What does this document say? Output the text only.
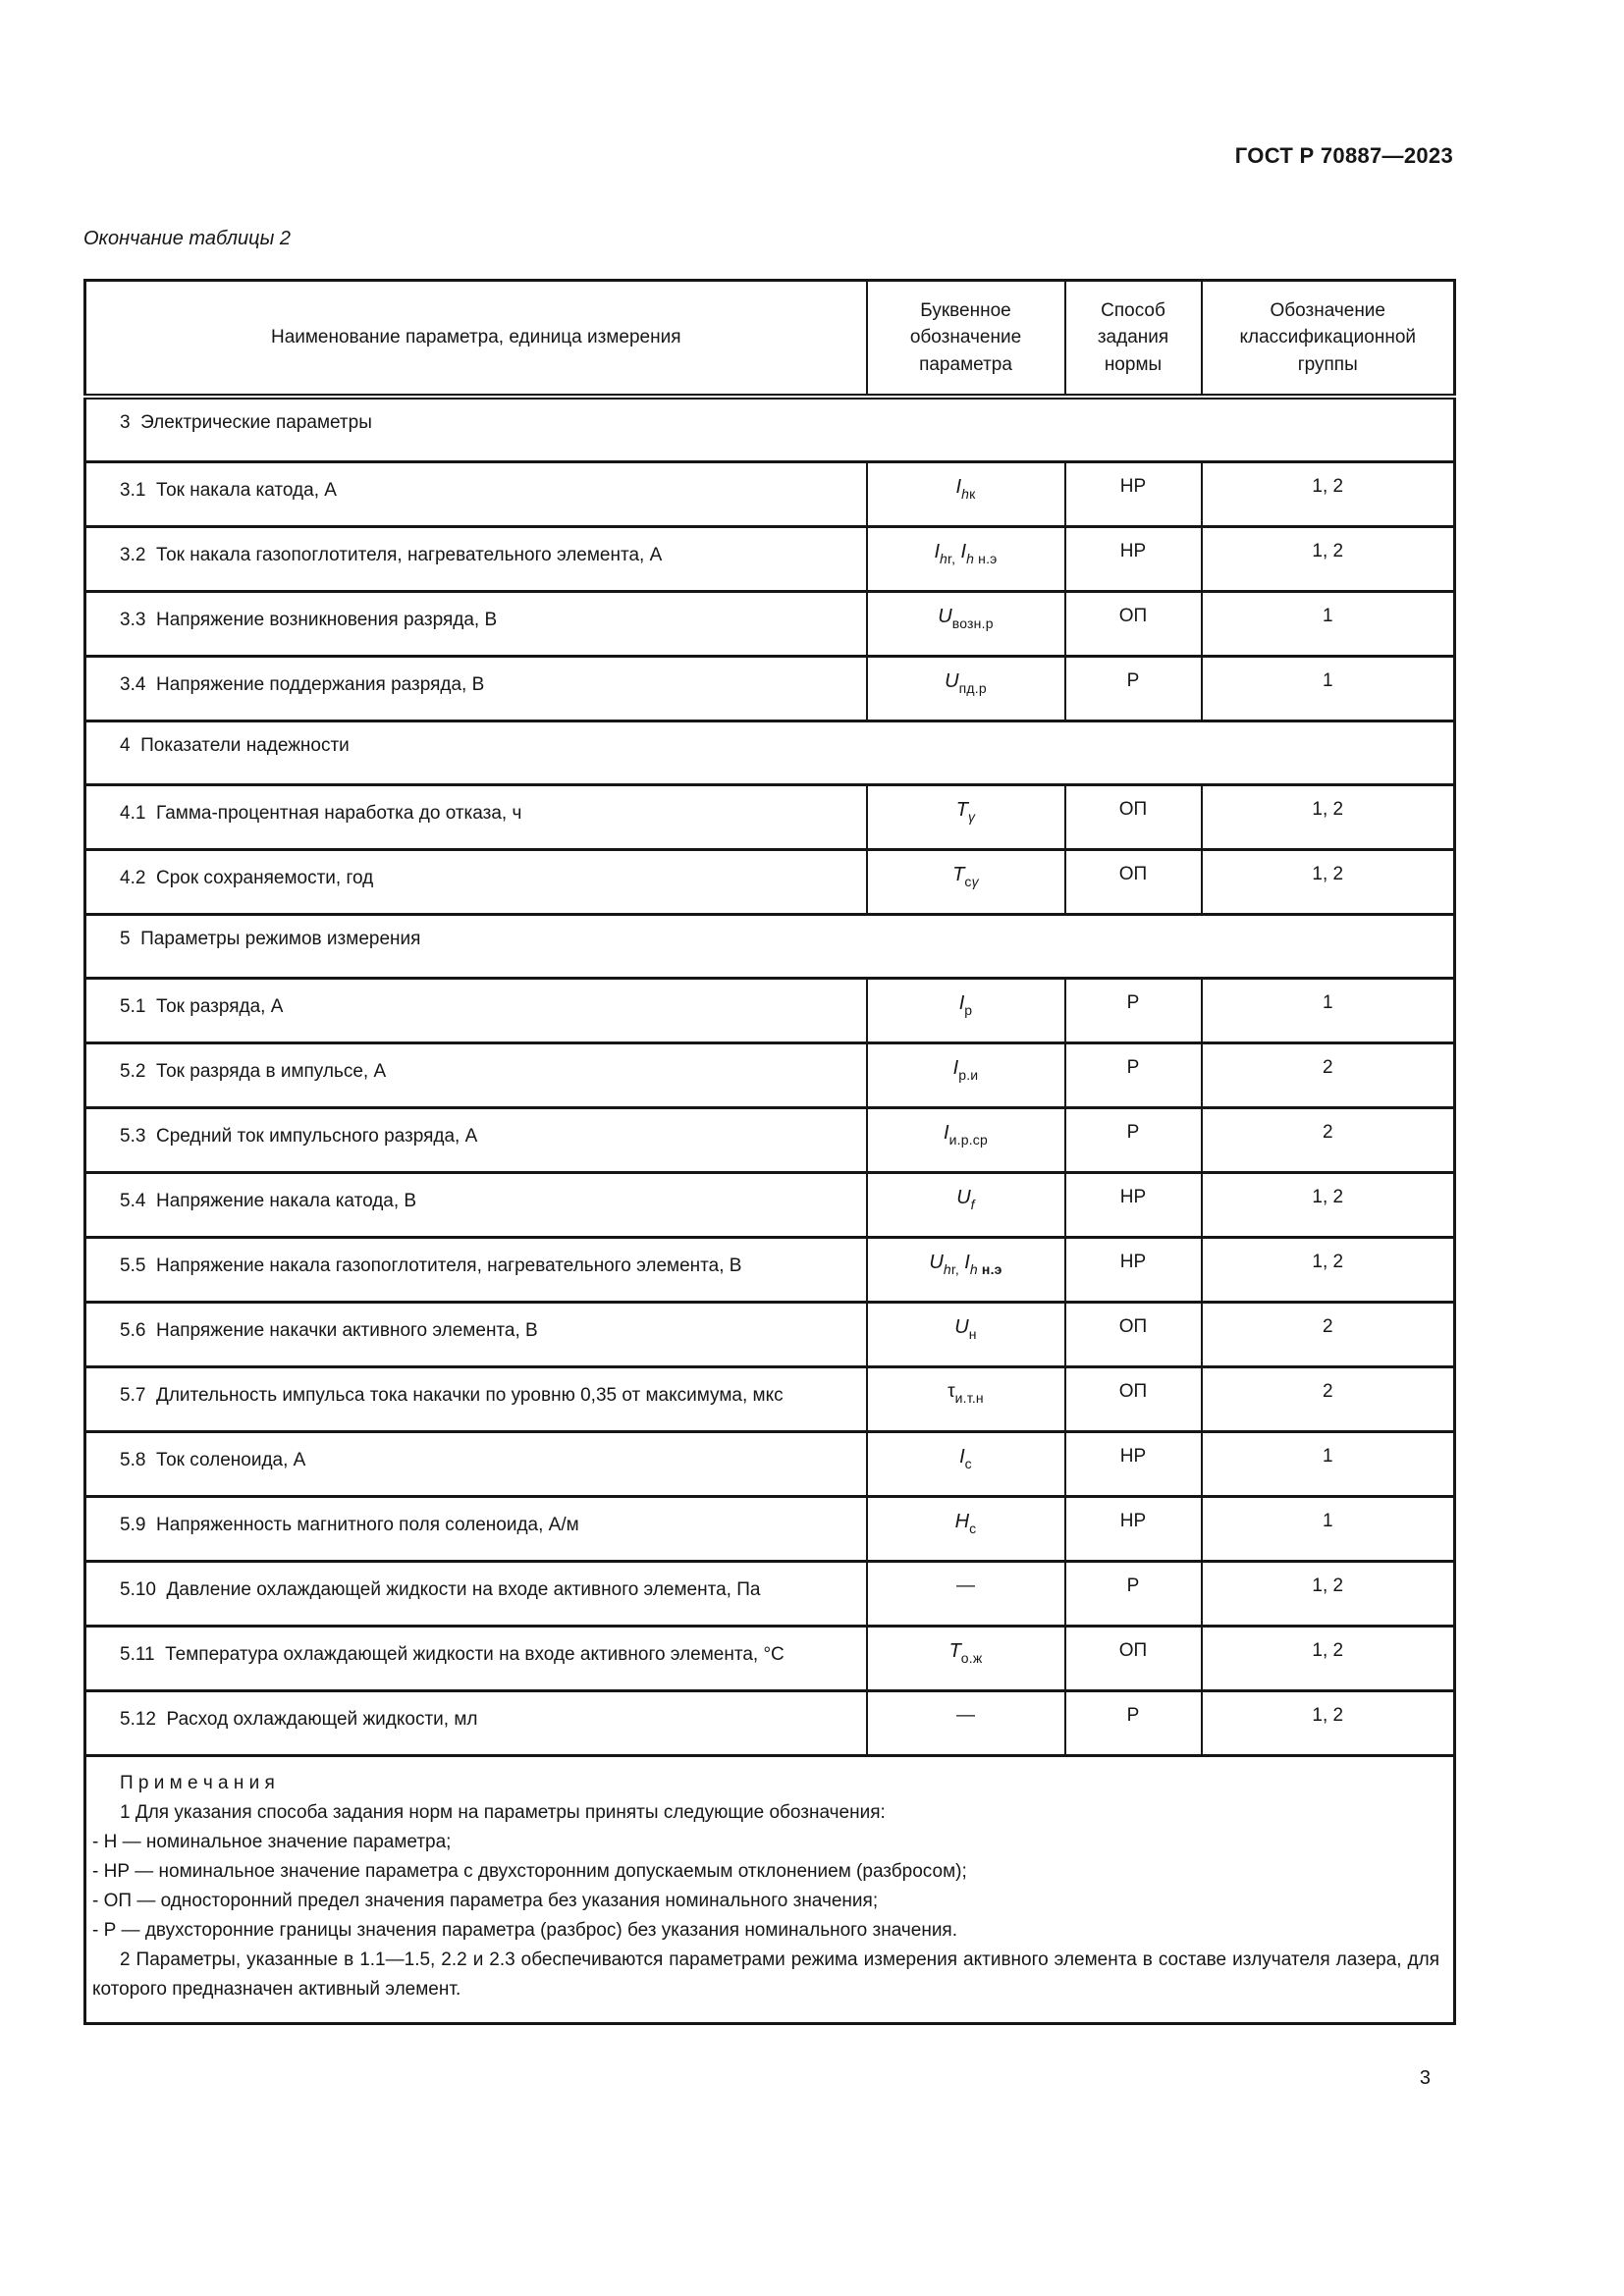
ГОСТ Р 70887—2023
Окончание таблицы 2
Наименование параметра, единица измерения	Буквенное обозначение параметра	Способ задания нормы	Обозначение классификационной группы
3  Электрические параметры			
3.1  Ток накала катода, А	$I_{hк}$	НР	1, 2
3.2  Ток накала газопоглотителя, нагревательного элемента, А	$I_{hr,}$ $I_h$ $_{н.э}$	НР	1, 2
3.3  Напряжение возникновения разряда, В	$U_{возн.р}$	ОП	1
3.4  Напряжение поддержания разряда, В	$U_{пд.р}$	Р	1
4  Показатели надежности			
4.1  Гамма-процентная наработка до отказа, ч	$T_\gamma$	ОП	1, 2
4.2  Срок сохраняемости, год	$T_{с\gamma}$	ОП	1, 2
5  Параметры режимов измерения			
5.1  Ток разряда, А	$I_р$	Р	1
5.2  Ток разряда в импульсе, А	$I_{р.и}$	Р	2
5.3  Средний ток импульсного разряда, А	$I_{и.р.ср}$	Р	2
5.4  Напряжение накала катода, В	$U_f$	НР	1, 2
5.5  Напряжение накала газопоглотителя, нагревательного элемента, В	$U_{hr,}$ $I_h$ $_{н.э}$	НР	1, 2
5.6  Напряжение накачки активного элемента, В	$U_н$	ОП	2
5.7  Длительность импульса тока накачки по уровню 0,35 от максимума, мкс	$\tau_{и.т.н}$	ОП	2
5.8  Ток соленоида, А	$I_с$	НР	1
5.9  Напряженность магнитного поля соленоида, А/м	$H_с$	НР	1
5.10  Давление охлаждающей жидкости на входе активного элемента, Па	—	Р	1, 2
5.11  Температура охлаждающей жидкости на входе активного элемента, °С	$T_{о.ж}$	ОП	1, 2
5.12  Расход охлаждающей жидкости, мл	—	Р	1, 2

П р и м е ч а н и я

1 Для указания способа задания норм на параметры приняты следующие обозначения:

- Н — номинальное значение параметра;

- НР — номинальное значение параметра с двухсторонним допускаемым отклонением (разбросом);

- ОП — односторонний предел значения параметра без указания номинального значения;

- Р — двухсторонние границы значения параметра (разброс) без указания номинального значения.

2 Параметры, указанные в 1.1—1.5, 2.2 и 2.3 обеспечиваются параметрами режима измерения активного элемента в составе излучателя лазера, для которого предназначен активный элемент.

3
